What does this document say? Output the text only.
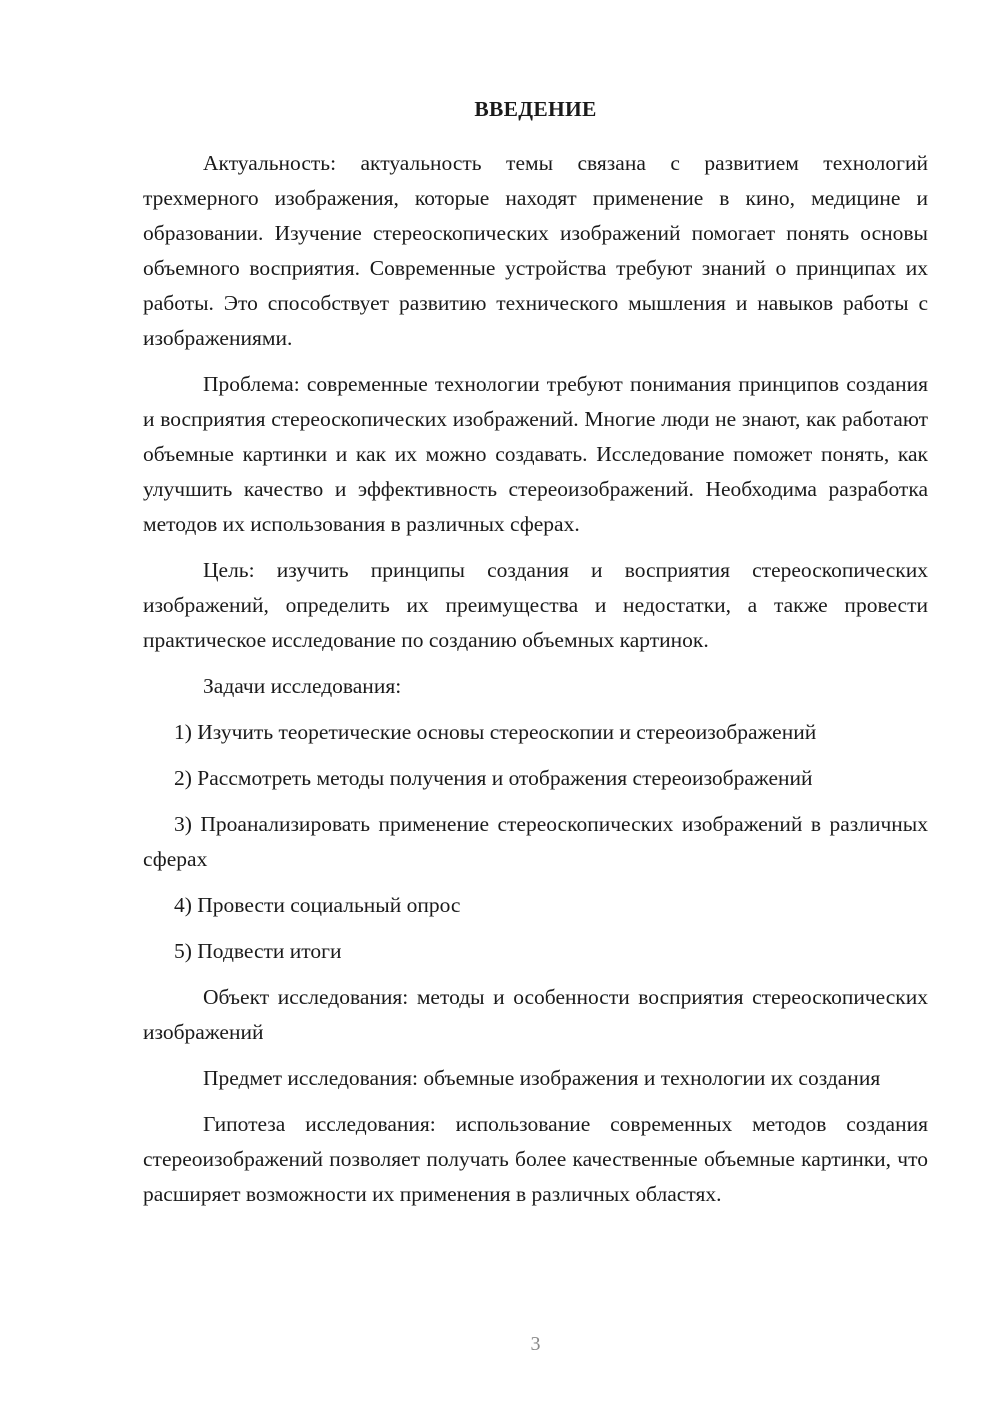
ВВЕДЕНИЕ

Актуальность: актуальность темы связана с развитием технологий трехмерного изображения, которые находят применение в кино, медицине и образовании. Изучение стереоскопических изображений помогает понять основы объемного восприятия. Современные устройства требуют знаний о принципах их работы. Это способствует развитию технического мышления и навыков работы с изображениями.

Проблема: современные технологии требуют понимания принципов создания и восприятия стереоскопических изображений. Многие люди не знают, как работают объемные картинки и как их можно создавать. Исследование поможет понять, как улучшить качество и эффективность стереоизображений. Необходима разработка методов их использования в различных сферах.

Цель: изучить принципы создания и восприятия стереоскопических изображений, определить их преимущества и недостатки, а также провести практическое исследование по созданию объемных картинок.

Задачи исследования:

1) Изучить теоретические основы стереоскопии и стереоизображений

2) Рассмотреть методы получения и отображения стереоизображений

3) Проанализировать применение стереоскопических изображений в различных сферах

4) Провести социальный опрос

5) Подвести итоги

Объект исследования: методы и особенности восприятия стереоскопических изображений

Предмет исследования: объемные изображения и технологии их создания

Гипотеза исследования: использование современных методов создания стереоизображений позволяет получать более качественные объемные картинки, что расширяет возможности их применения в различных областях.

3
